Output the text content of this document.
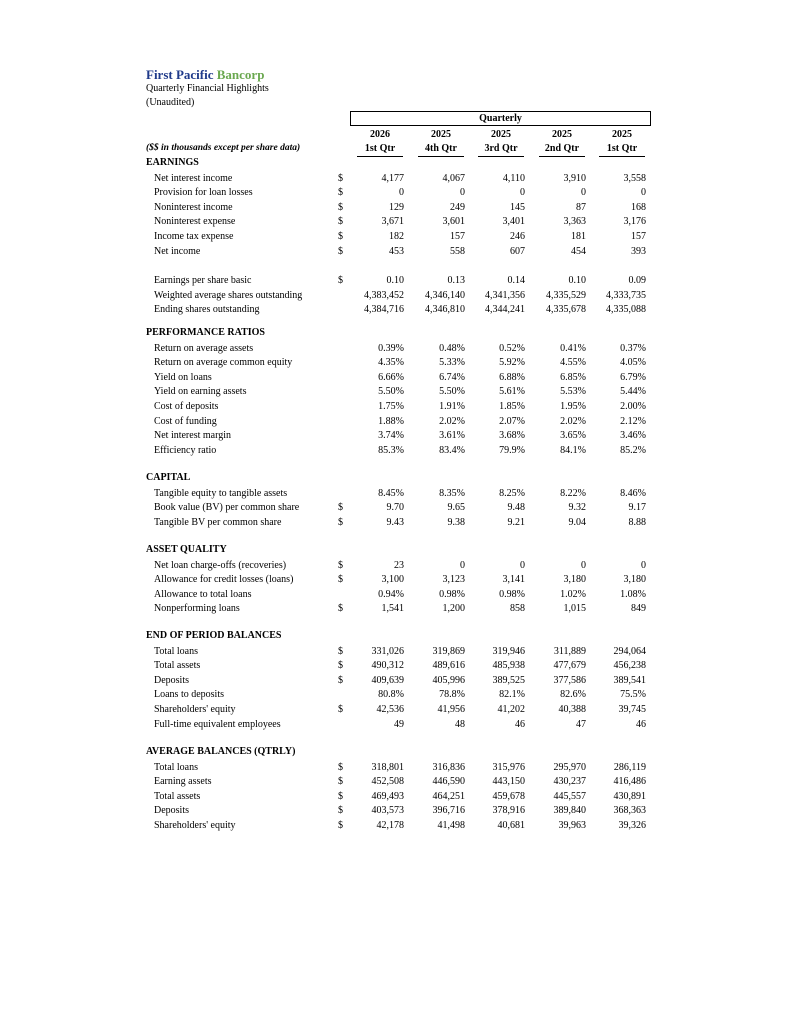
First Pacific Bancorp
Quarterly Financial Highlights
(Unaudited)
Quarterly
2026	2025	2025	2025	2025
1st Qtr	4th Qtr	3rd Qtr	2nd Qtr	1st Qtr
($$ in thousands except per share data)
EARNINGS
Net interest income	$	4,177	4,067	4,110	3,910	3,558
Provision for loan losses	$	0	0	0	0	0
Noninterest income	$	129	249	145	87	168
Noninterest expense	$	3,671	3,601	3,401	3,363	3,176
Income tax expense	$	182	157	246	181	157
Net income	$	453	558	607	454	393
Earnings per share basic	$	0.10	0.13	0.14	0.10	0.09
Weighted average shares outstanding	4,383,452	4,346,140	4,341,356	4,335,529	4,333,735
Ending shares outstanding	4,384,716	4,346,810	4,344,241	4,335,678	4,335,088
PERFORMANCE RATIOS
Return on average assets	0.39%	0.48%	0.52%	0.41%	0.37%
Return on average common equity	4.35%	5.33%	5.92%	4.55%	4.05%
Yield on loans	6.66%	6.74%	6.88%	6.85%	6.79%
Yield on earning assets	5.50%	5.50%	5.61%	5.53%	5.44%
Cost of deposits	1.75%	1.91%	1.85%	1.95%	2.00%
Cost of funding	1.88%	2.02%	2.07%	2.02%	2.12%
Net interest margin	3.74%	3.61%	3.68%	3.65%	3.46%
Efficiency ratio	85.3%	83.4%	79.9%	84.1%	85.2%
CAPITAL
Tangible equity to tangible assets	8.45%	8.35%	8.25%	8.22%	8.46%
Book value (BV) per common share	$	9.70	9.65	9.48	9.32	9.17
Tangible BV per common share	$	9.43	9.38	9.21	9.04	8.88
ASSET QUALITY
Net loan charge-offs (recoveries)	$	23	0	0	0	0
Allowance for credit losses (loans)	$	3,100	3,123	3,141	3,180	3,180
Allowance to total loans	0.94%	0.98%	0.98%	1.02%	1.08%
Nonperforming loans	$	1,541	1,200	858	1,015	849
END OF PERIOD BALANCES
Total loans	$	331,026	319,869	319,946	311,889	294,064
Total assets	$	490,312	489,616	485,938	477,679	456,238
Deposits	$	409,639	405,996	389,525	377,586	389,541
Loans to deposits	80.8%	78.8%	82.1%	82.6%	75.5%
Shareholders' equity	$	42,536	41,956	41,202	40,388	39,745
Full-time equivalent employees	49	48	46	47	46
AVERAGE BALANCES (QTRLY)
Total loans	$	318,801	316,836	315,976	295,970	286,119
Earning assets	$	452,508	446,590	443,150	430,237	416,486
Total assets	$	469,493	464,251	459,678	445,557	430,891
Deposits	$	403,573	396,716	378,916	389,840	368,363
Shareholders' equity	$	42,178	41,498	40,681	39,963	39,326
